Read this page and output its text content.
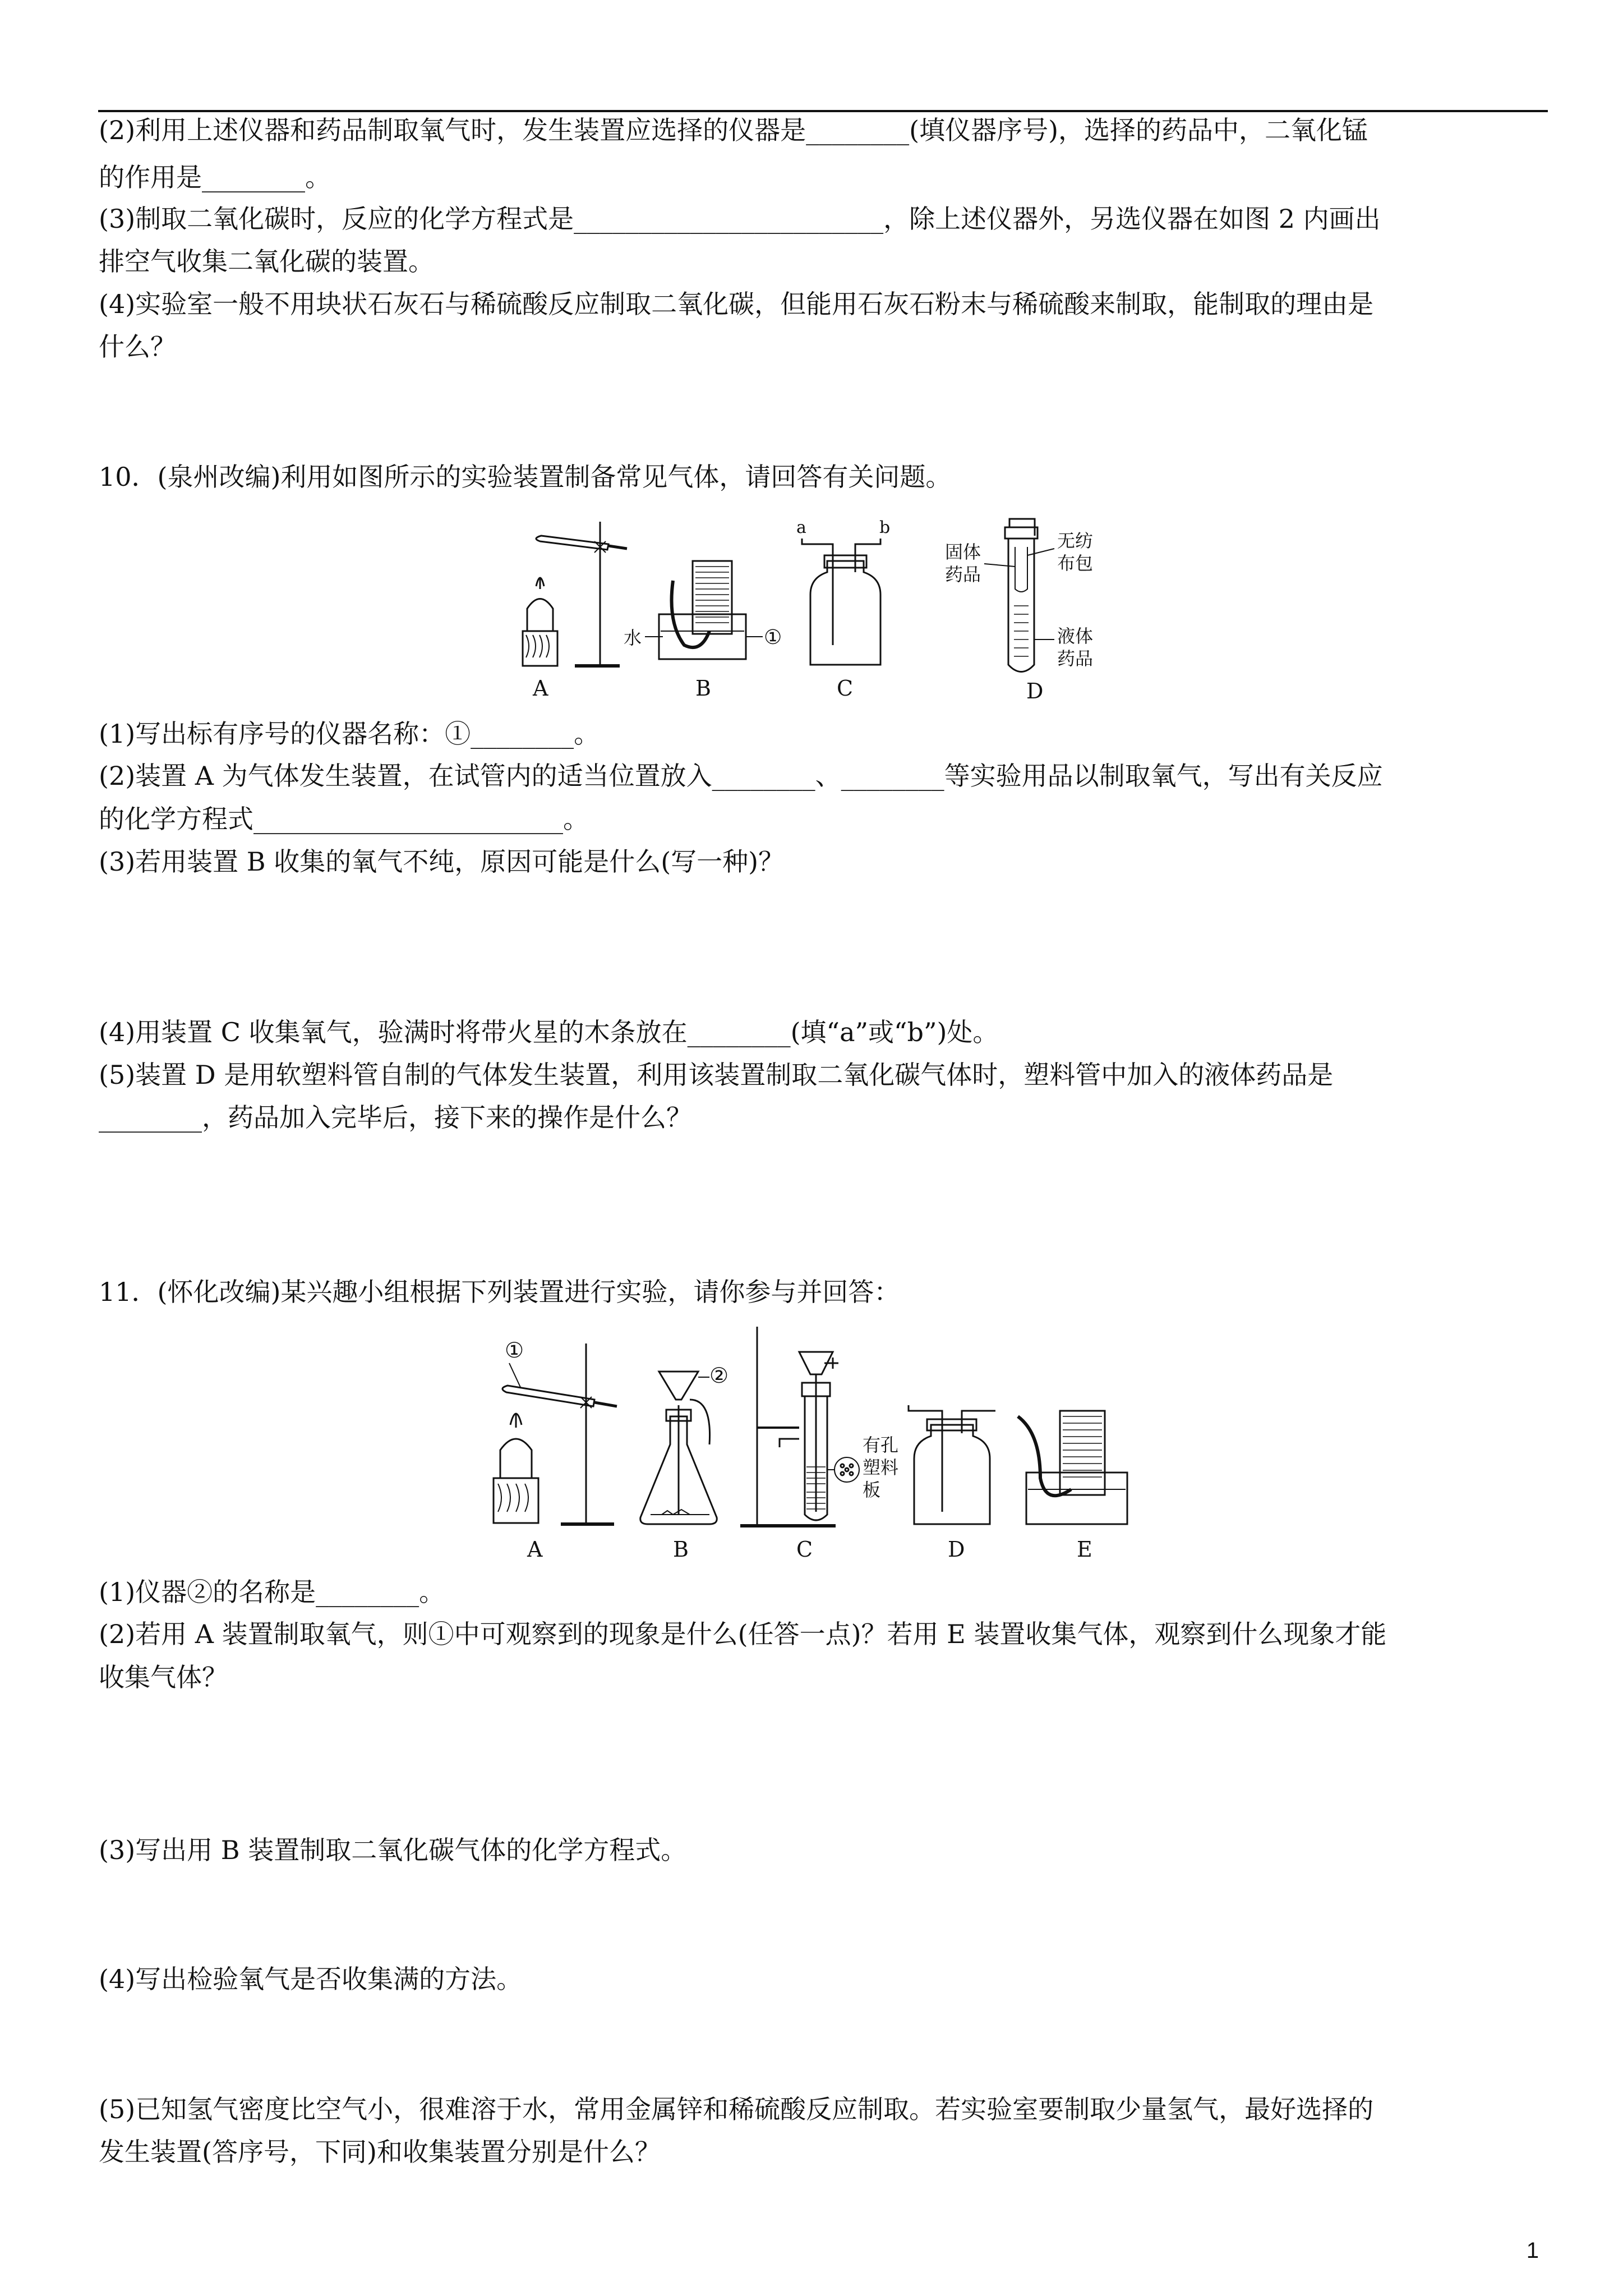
(2)利用上述仪器和药品制取氧气时，发生装置应选择的仪器是________(填仪器序号)，选择的药品中，二氧化锰
的作用是________。
(3)制取二氧化碳时，反应的化学方程式是________________________，除上述仪器外，另选仪器在如图 2 内画出
排空气收集二氧化碳的装置。
(4)实验室一般不用块状石灰石与稀硫酸反应制取二氧化碳，但能用石灰石粉末与稀硫酸来制取，能制取的理由是
什么？
10．(泉州改编)利用如图所示的实验装置制备常见气体，请回答有关问题。
A
①
水
B
a	b
C
固体
药品
无纺
布包
液体
药品
D
(1)写出标有序号的仪器名称：①________。
(2)装置 A 为气体发生装置，在试管内的适当位置放入________、________等实验用品以制取氧气，写出有关反应
的化学方程式________________________。
(3)若用装置 B 收集的氧气不纯，原因可能是什么(写一种)？
(4)用装置 C 收集氧气，验满时将带火星的木条放在________(填“a”或“b”)处。
(5)装置 D 是用软塑料管自制的气体发生装置，利用该装置制取二氧化碳气体时，塑料管中加入的液体药品是
________，药品加入完毕后，接下来的操作是什么？
11．(怀化改编)某兴趣小组根据下列装置进行实验，请你参与并回答：
①
A
②
B
有孔
塑料
板
C	D	E
(1)仪器②的名称是________。
(2)若用 A 装置制取氧气，则①中可观察到的现象是什么(任答一点)？若用 E 装置收集气体，观察到什么现象才能
收集气体？
(3)写出用 B 装置制取二氧化碳气体的化学方程式。
(4)写出检验氧气是否收集满的方法。
(5)已知氢气密度比空气小，很难溶于水，常用金属锌和稀硫酸反应制取。若实验室要制取少量氢气，最好选择的
发生装置(答序号，下同)和收集装置分别是什么？
1
